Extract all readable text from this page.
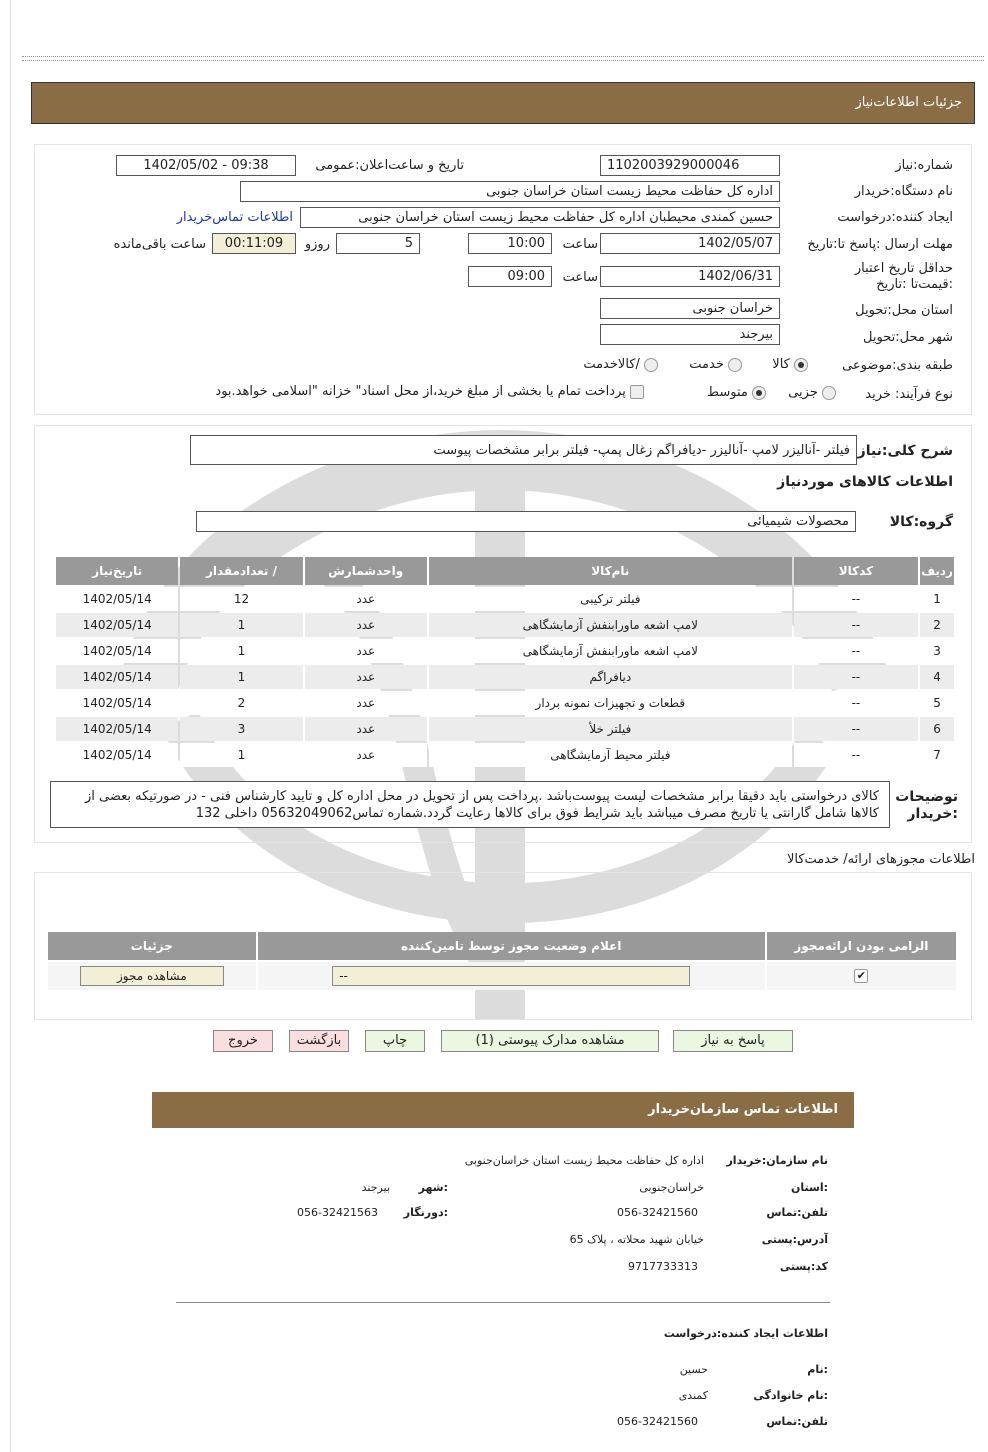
جزئیات اطلاعات‌نیاز
شماره:نیاز
1102003929000046
تاریخ و ساعت‌اعلان:عمومی
1402/05/02 - 09:38
نام دستگاه:خریدار
اداره کل حفاظت محیط زیست استان خراسان جنوبی
ایجاد کننده:درخواست
حسین کمندی محیطبان اداره کل حفاظت محیط زیست استان خراسان جنوبی
اطلاعات تماس‌خریدار
مهلت ارسال :پاسخ تا:تاریخ
1402/05/07
ساعت
10:00
5
روزو
00:11:09
ساعت باقی‌مانده
حداقل تاریخ اعتبار :قیمت‌تا :تاریخ
1402/06/31
ساعت
09:00
استان محل:تحویل
خراسان جنوبی
شهر محل:تحویل
بیرجند
طبقه بندی:موضوعی
کالا
خدمت
/کالاخدمت
نوع فرآیند: خرید
جزیی
متوسط
پرداخت تمام یا بخشی از مبلغ خرید،از محل اسناد" خزانه "اسلامی خواهد.بود
شرح کلی:نیاز
فیلتر -آنالیزر لامپ -آنالیزر -دیافراگم زغال پمپ- فیلتر برابر مشخصات پیوست
اطلاعات کالاهای موردنیاز
گروه:کالا
محصولات شیمیائی
ردیف	کدکالا	نام‌کالا	واحدشمارش	/ تعدادمقدار	تاریخ‌نیاز
1	--	فیلتر ترکیبی	عدد	12	1402/05/14
2	--	لامپ اشعه ماورابنفش آزمایشگاهی	عدد	1	1402/05/14
3	--	لامپ اشعه ماورابنفش آزمایشگاهی	عدد	1	1402/05/14
4	--	دیافراگم	عدد	1	1402/05/14
5	--	قطعات و تجهیزات نمونه بردار	عدد	2	1402/05/14
6	--	فیلتر خلأ	عدد	3	1402/05/14
7	--	فیلتر محیط آزمایشگاهی	عدد	1	1402/05/14
توضیحات :خریدار
کالای درخواستی باید دقیقا برابر مشخصات لیست پیوست‌باشد .پرداخت پس از تحویل در محل اداره کل و تایید کارشناس فنی - در صورتیکه بعضی از کالاها شامل گارانتی یا تاریخ مصرف میباشد باید شرایط فوق برای کالاها رعایت گردد.شماره تماس05632049062 داخلی 132
اطلاعات مجوزهای ارائه/ خدمت‌کالا
الزامی بودن ارائه‌مجوز	اعلام وضعیت مجوز توسط تامین‌کننده	جزئیات
✔	--	مشاهده مجوز
پاسخ به نیاز
مشاهده مدارک پیوستی (1)
چاپ
بازگشت
خروج
اطلاعات تماس سازمان‌خریدار
نام سازمان:خریدار
اداره کل حفاظت محیط زیست استان خراسان‌جنوبی
:استان
خراسان‌جنوبی
:شهر
بیرجند
تلفن:تماس
056-32421560
:دورنگار
056-32421563
آدرس:پستی
خیابان شهید محلاته ، پلاک 65
کد:پستی
9717733313
اطلاعات ایجاد کننده:درخواست
:نام
حسین
:نام خانوادگی
کمندی
تلفن:تماس
056-32421560
